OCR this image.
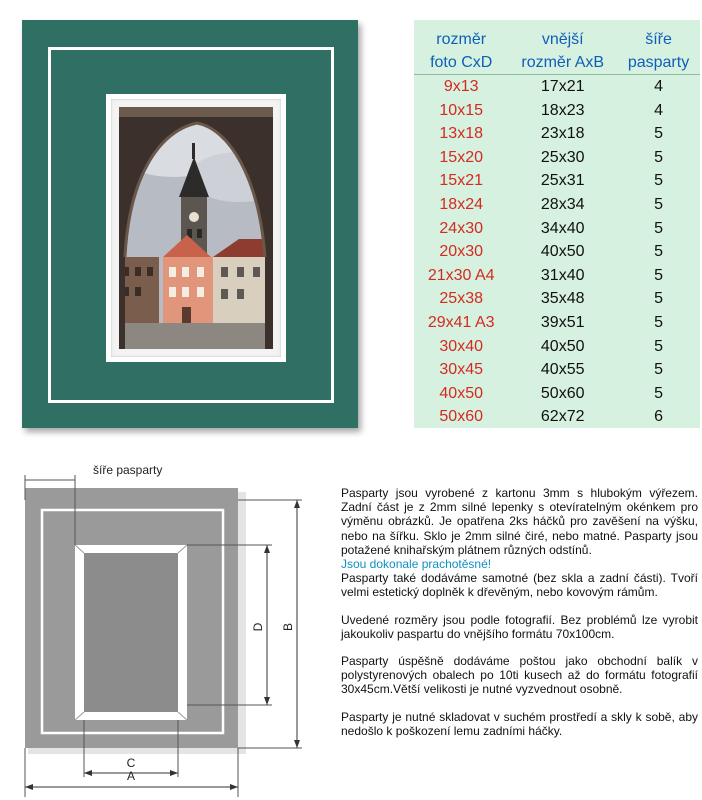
rozměr	vnější	šíře
foto CxD	rozměr AxB	pasparty
9x13	17x21	4
10x15	18x23	4
13x18	23x18	5
15x20	25x30	5
15x21	25x31	5
18x24	28x34	5
24x30	34x40	5
20x30	40x50	5
21x30 A4	31x40	5
25x38	35x48	5
29x41 A3	39x51	5
30x40	40x50	5
30x45	40x55	5
40x50	50x60	5
50x60	62x72	6
šíře pasparty
A
C
D B

Pasparty jsou vyrobené z kartonu 3mm s hlubokým výřezem. Zadní část je z 2mm silné lepenky s otevíratelným okénkem pro výměnu obrázků. Je opatřena 2ks háčků pro zavěšení na výšku, nebo na šířku. Sklo je 2mm silné čiré, nebo matné. Pasparty jsou potažené knihařským plátnem různých odstínů.

Jsou dokonale prachotěsné!

Pasparty také dodáváme samotné (bez skla a zadní části). Tvoří velmi estetický doplněk k dřevěným, nebo kovovým rámům.

Uvedené rozměry jsou podle fotografií. Bez problémů lze vyrobit jakoukoliv paspartu do vnějšího formátu 70x100cm.

Pasparty úspěšně dodáváme poštou jako obchodní balík v polystyrenových obalech po 10ti kusech až do formátu fotografií 30x45cm.Větší velikosti je nutné vyzvednout osobně.

Pasparty je nutné skladovat v suchém prostředí a skly k sobě, aby nedošlo k poškození lemu zadními háčky.
